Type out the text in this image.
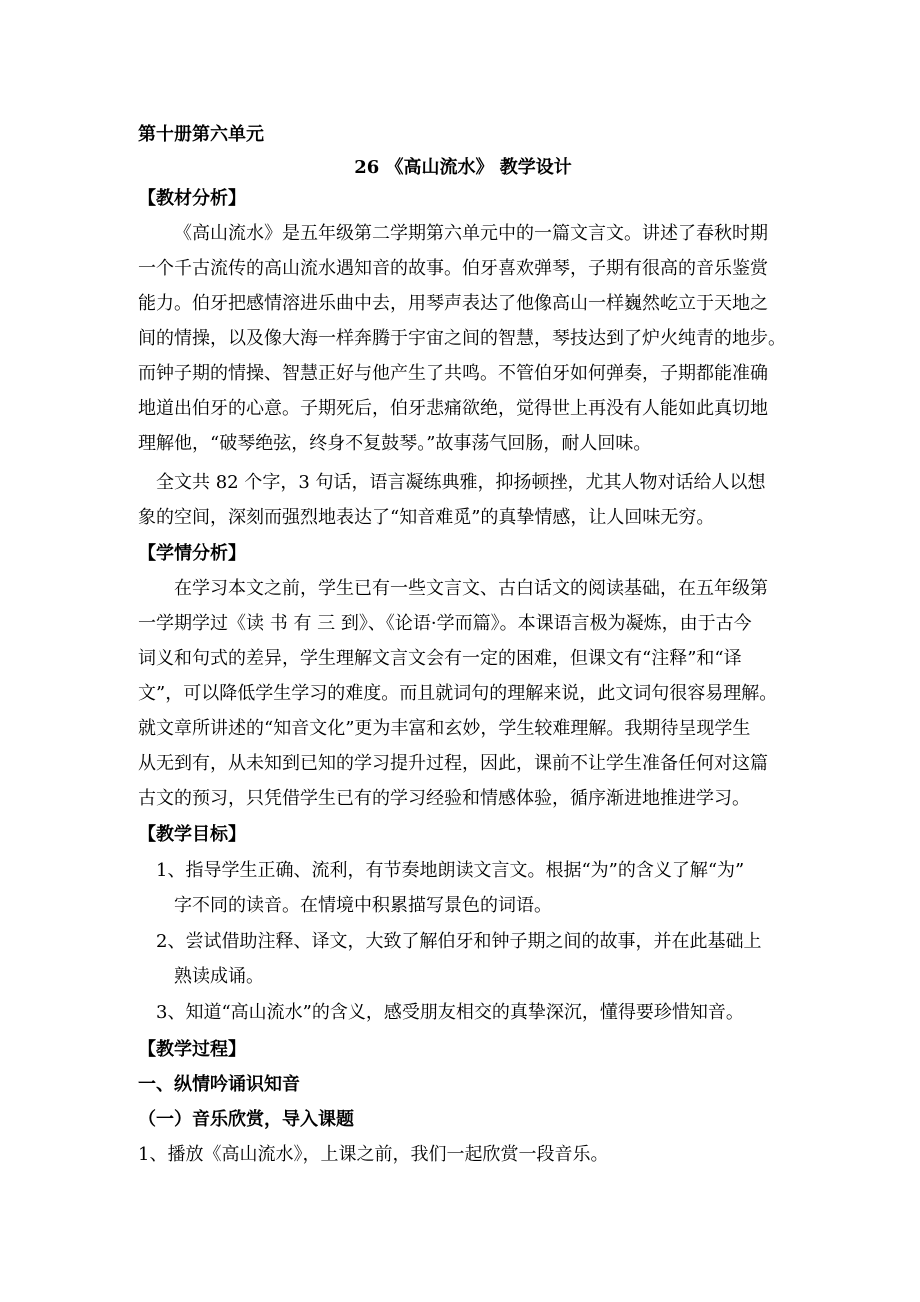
第十册第六单元
26 《高山流水》 教学设计
【教材分析】
《高山流水》是五年级第二学期第六单元中的一篇文言文。讲述了春秋时期
一个千古流传的高山流水遇知音的故事。伯牙喜欢弹琴，子期有很高的音乐鉴赏
能力。伯牙把感情溶进乐曲中去，用琴声表达了他像高山一样巍然屹立于天地之
间的情操，以及像大海一样奔腾于宇宙之间的智慧，琴技达到了炉火纯青的地步。
而钟子期的情操、智慧正好与他产生了共鸣。不管伯牙如何弹奏，子期都能准确
地道出伯牙的心意。子期死后，伯牙悲痛欲绝，觉得世上再没有人能如此真切地
理解他，“破琴绝弦，终身不复鼓琴。”故事荡气回肠，耐人回味。
全文共 82 个字，3 句话，语言凝练典雅，抑扬顿挫，尤其人物对话给人以想
象的空间，深刻而强烈地表达了“知音难觅”的真挚情感，让人回味无穷。
【学情分析】
在学习本文之前，学生已有一些文言文、古白话文的阅读基础，在五年级第
一学期学过《读 书 有 三 到》、《论语·学而篇》。本课语言极为凝炼，由于古今
词义和句式的差异，学生理解文言文会有一定的困难，但课文有“注释”和“译
文”，可以降低学生学习的难度。而且就词句的理解来说，此文词句很容易理解。
就文章所讲述的“知音文化”更为丰富和玄妙，学生较难理解。我期待呈现学生
从无到有，从未知到已知的学习提升过程，因此，课前不让学生准备任何对这篇
古文的预习，只凭借学生已有的学习经验和情感体验，循序渐进地推进学习。
【教学目标】
1、指导学生正确、流利，有节奏地朗读文言文。根据“为”的含义了解“为”
字不同的读音。在情境中积累描写景色的词语。
2、尝试借助注释、译文，大致了解伯牙和钟子期之间的故事，并在此基础上
熟读成诵。
3、知道“高山流水”的含义，感受朋友相交的真挚深沉，懂得要珍惜知音。
【教学过程】
一、纵情吟诵识知音
（一）音乐欣赏，导入课题
1、播放《高山流水》，上课之前，我们一起欣赏一段音乐。
